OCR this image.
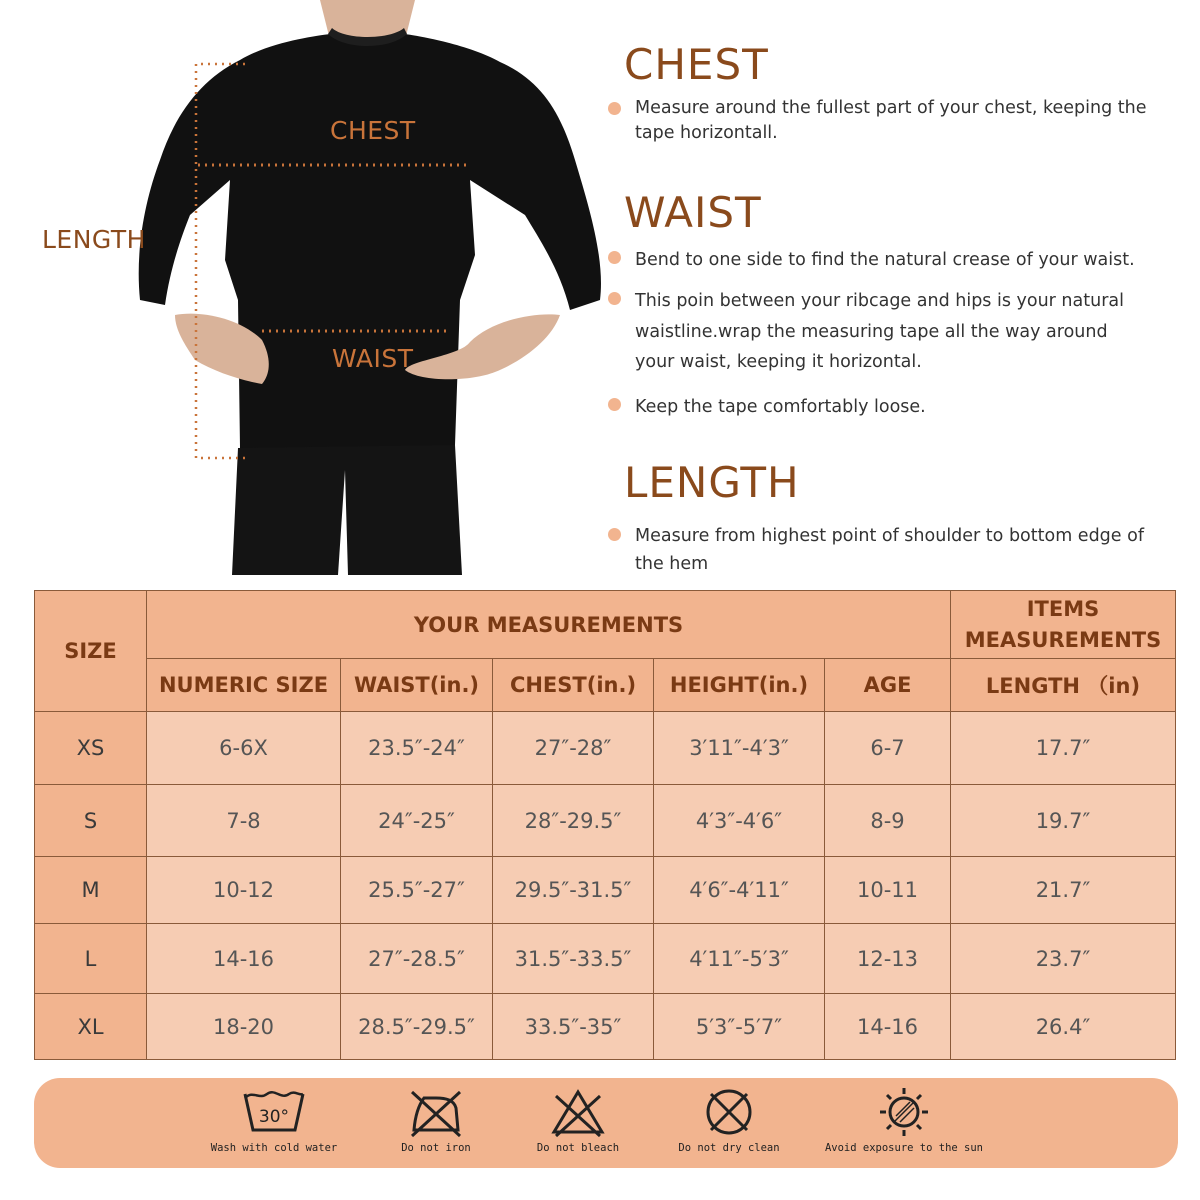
CHEST
WAIST
LENGTH
CHEST
Measure around the fullest part of your chest, keeping the tape horizontall.
WAIST
Bend to one side to find the natural crease of your waist.
This poin between your ribcage and hips is your natural waistline.wrap the measuring tape all the way around your waist, keeping it horizontal.
Keep the tape comfortably loose.
LENGTH
Measure from highest point of shoulder to bottom edge of the hem
SIZE	YOUR MEASUREMENTS					ITEMS MEASUREMENTS
	NUMERIC SIZE	WAIST(in.)	CHEST(in.)	HEIGHT(in.)	AGE	LENGTH （in)
XS	6-6X	23.5″-24″	27″-28″	3′11″-4′3″	6-7	17.7″
S	7-8	24″-25″	28″-29.5″	4′3″-4′6″	8-9	19.7″
M	10-12	25.5″-27″	29.5″-31.5″	4′6″-4′11″	10-11	21.7″
L	14-16	27″-28.5″	31.5″-33.5″	4′11″-5′3″	12-13	23.7″
XL	18-20	28.5″-29.5″	33.5″-35″	5′3″-5′7″	14-16	26.4″
30°
Wash with cold water	Do not iron	Do not bleach	Do not dry clean	Avoid exposure to the sun
